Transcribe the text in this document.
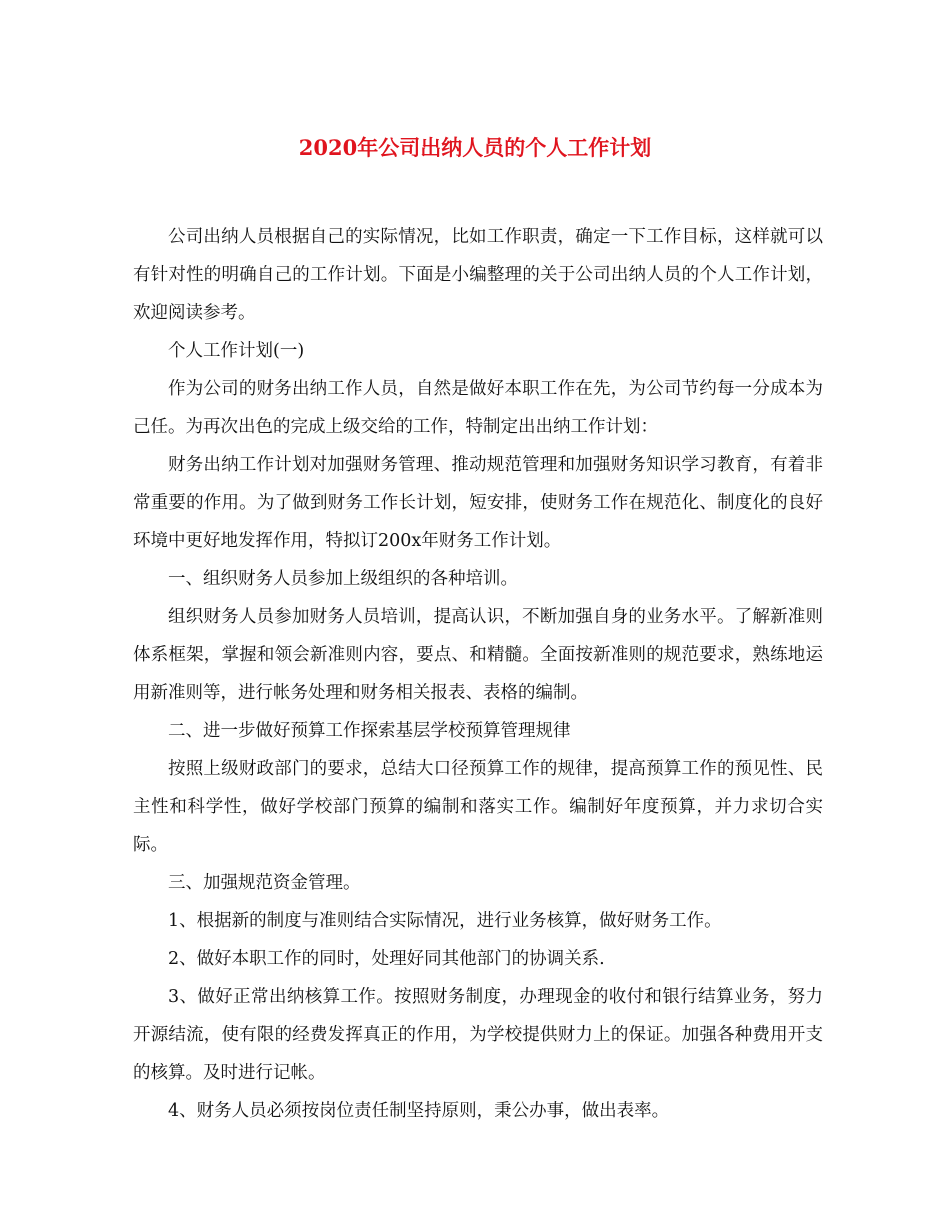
2020年公司出纳人员的个人工作计划

公司出纳人员根据自己的实际情况，比如工作职责，确定一下工作目标，这样就可以有针对性的明确自己的工作计划。下面是小编整理的关于公司出纳人员的个人工作计划，欢迎阅读参考。

个人工作计划(一)

作为公司的财务出纳工作人员，自然是做好本职工作在先，为公司节约每一分成本为己任。为再次出色的完成上级交给的工作，特制定出出纳工作计划：

财务出纳工作计划对加强财务管理、推动规范管理和加强财务知识学习教育，有着非常重要的作用。为了做到财务工作长计划，短安排，使财务工作在规范化、制度化的良好环境中更好地发挥作用，特拟订200x年财务工作计划。

一、组织财务人员参加上级组织的各种培训。

组织财务人员参加财务人员培训，提高认识，不断加强自身的业务水平。了解新准则体系框架，掌握和领会新准则内容，要点、和精髓。全面按新准则的规范要求，熟练地运用新准则等，进行帐务处理和财务相关报表、表格的编制。

二、进一步做好预算工作探索基层学校预算管理规律

按照上级财政部门的要求，总结大口径预算工作的规律，提高预算工作的预见性、民主性和科学性，做好学校部门预算的编制和落实工作。编制好年度预算，并力求切合实际。

三、加强规范资金管理。

1、根据新的制度与准则结合实际情况，进行业务核算，做好财务工作。

2、做好本职工作的同时，处理好同其他部门的协调关系.

3、做好正常出纳核算工作。按照财务制度，办理现金的收付和银行结算业务，努力开源结流，使有限的经费发挥真正的作用，为学校提供财力上的保证。加强各种费用开支的核算。及时进行记帐。

4、财务人员必须按岗位责任制坚持原则，秉公办事，做出表率。
